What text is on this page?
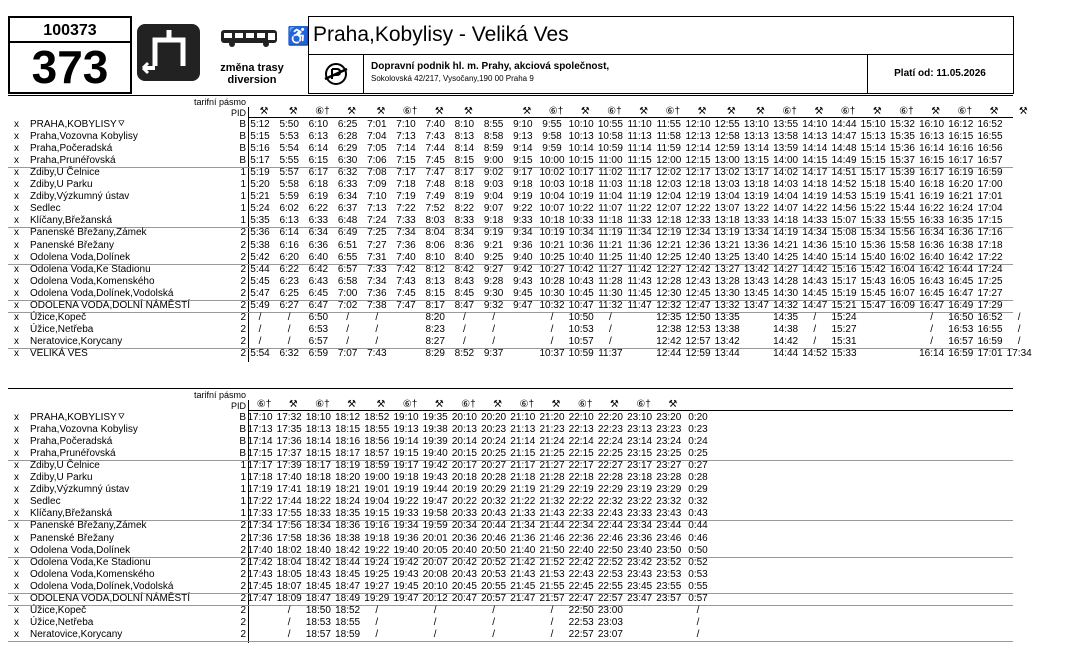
100373
373
♿
změna trasy
diversion
Praha,Kobylisy - Veliká Ves
Dopravní podnik hl. m. Prahy, akciová společnost,
Sokolovská 42/217, Vysočany,190 00 Praha 9	Platí od: 11.05.2026
tarifní pásmo
PID	⚒	⚒	⑥†	⚒	⚒	⑥†	⚒	⚒	⚒	⑥†	⚒	⑥†	⚒	⑥†	⚒	⚒	⚒	⑥†	⚒	⑥†	⚒	⑥†	⚒	⑥†	⚒	⚒
x PRAHA,KOBYLISY ⛛	B 5:12 5:50 6:10 6:25 7:01 7:10 7:40 8:10 8:55 9:10 9:55 10:10 10:55 11:10 11:55 12:10 12:55 13:10 13:55 14:10 14:44 15:10 15:32 16:10 16:12 16:52
x Praha,Vozovna Kobylisy	B 5:15 5:53 6:13 6:28 7:04 7:13 7:43 8:13 8:58 9:13 9:58 10:13 10:58 11:13 11:58 12:13 12:58 13:13 13:58 14:13 14:47 15:13 15:35 16:13 16:15 16:55
x Praha,Počeradská	B 5:16 5:54 6:14 6:29 7:05 7:14 7:44 8:14 8:59 9:14 9:59 10:14 10:59 11:14 11:59 12:14 12:59 13:14 13:59 14:14 14:48 15:14 15:36 16:14 16:16 16:56
x Praha,Prunéřovská	B 5:17 5:55 6:15 6:30 7:06 7:15 7:45 8:15 9:00 9:15 10:00 10:15 11:00 11:15 12:00 12:15 13:00 13:15 14:00 14:15 14:49 15:15 15:37 16:15 16:17 16:57
x Zdiby,U Čelnice	1 5:19 5:57 6:17 6:32 7:08 7:17 7:47 8:17 9:02 9:17 10:02 10:17 11:02 11:17 12:02 12:17 13:02 13:17 14:02 14:17 14:51 15:17 15:39 16:17 16:19 16:59
x Zdiby,U Parku	1 5:20 5:58 6:18 6:33 7:09 7:18 7:48 8:18 9:03 9:18 10:03 10:18 11:03 11:18 12:03 12:18 13:03 13:18 14:03 14:18 14:52 15:18 15:40 16:18 16:20 17:00
x Zdiby,Výzkumný ústav	1 5:21 5:59 6:19 6:34 7:10 7:19 7:49 8:19 9:04 9:19 10:04 10:19 11:04 11:19 12:04 12:19 13:04 13:19 14:04 14:19 14:53 15:19 15:41 16:19 16:21 17:01
x Sedlec	1 5:24 6:02 6:22 6:37 7:13 7:22 7:52 8:22 9:07 9:22 10:07 10:22 11:07 11:22 12:07 12:22 13:07 13:22 14:07 14:22 14:56 15:22 15:44 16:22 16:24 17:04
x Klíčany,Břežanská	1 5:35 6:13 6:33 6:48 7:24 7:33 8:03 8:33 9:18 9:33 10:18 10:33 11:18 11:33 12:18 12:33 13:18 13:33 14:18 14:33 15:07 15:33 15:55 16:33 16:35 17:15
x Panenské Břežany,Zámek	2 5:36 6:14 6:34 6:49 7:25 7:34 8:04 8:34 9:19 9:34 10:19 10:34 11:19 11:34 12:19 12:34 13:19 13:34 14:19 14:34 15:08 15:34 15:56 16:34 16:36 17:16
x Panenské Břežany	2 5:38 6:16 6:36 6:51 7:27 7:36 8:06 8:36 9:21 9:36 10:21 10:36 11:21 11:36 12:21 12:36 13:21 13:36 14:21 14:36 15:10 15:36 15:58 16:36 16:38 17:18
x Odolena Voda,Dolínek	2 5:42 6:20 6:40 6:55 7:31 7:40 8:10 8:40 9:25 9:40 10:25 10:40 11:25 11:40 12:25 12:40 13:25 13:40 14:25 14:40 15:14 15:40 16:02 16:40 16:42 17:22
x Odolena Voda,Ke Stadionu	2 5:44 6:22 6:42 6:57 7:33 7:42 8:12 8:42 9:27 9:42 10:27 10:42 11:27 11:42 12:27 12:42 13:27 13:42 14:27 14:42 15:16 15:42 16:04 16:42 16:44 17:24
x Odolena Voda,Komenského	2 5:45 6:23 6:43 6:58 7:34 7:43 8:13 8:43 9:28 9:43 10:28 10:43 11:28 11:43 12:28 12:43 13:28 13:43 14:28 14:43 15:17 15:43 16:05 16:43 16:45 17:25
x Odolena Voda,Dolínek,Vodolská	2 5:47 6:25 6:45 7:00 7:36 7:45 8:15 8:45 9:30 9:45 10:30 10:45 11:30 11:45 12:30 12:45 13:30 13:45 14:30 14:45 15:19 15:45 16:07 16:45 16:47 17:27
x ODOLENA VODA,DOLNÍ NÁMĚSTÍ	2 5:49 6:27 6:47 7:02 7:38 7:47 8:17 8:47 9:32 9:47 10:32 10:47 11:32 11:47 12:32 12:47 13:32 13:47 14:32 14:47 15:21 15:47 16:09 16:47 16:49 17:29
x Úžice,Kopeč	2	/	/	6:50	/	/	8:20	/	/	/	10:50	/	12:35 12:50 13:35	14:35	/	15:24	/	16:50 16:52	/
x Úžice,Netřeba	2	/	/	6:53	/	/	8:23	/	/	/	10:53	/	12:38 12:53 13:38	14:38	/	15:27	/	16:53 16:55	/
x Neratovice,Korycany	2	/	/	6:57	/	/	8:27	/	/	/	10:57	/	12:42 12:57 13:42	14:42	/	15:31	/	16:57 16:59	/
x VELIKÁ VES	2 5:54 6:32 6:59 7:07 7:43	8:29 8:52 9:37	10:37 10:59 11:37	12:44 12:59 13:44	14:44 14:52 15:33	16:14 16:59 17:01 17:34
tarifní pásmo
PID	⑥†	⚒	⑥†	⚒	⚒	⑥†	⚒	⑥†	⚒	⑥†	⚒	⑥†	⚒	⑥†	⚒
x PRAHA,KOBYLISY ⛛	B 17:10 17:32 18:10 18:12 18:52 19:10 19:35 20:10 20:20 21:10 21:20 22:10 22:20 23:10 23:20 0:20
x Praha,Vozovna Kobylisy	B 17:13 17:35 18:13 18:15 18:55 19:13 19:38 20:13 20:23 21:13 21:23 22:13 22:23 23:13 23:23 0:23
x Praha,Počeradská	B 17:14 17:36 18:14 18:16 18:56 19:14 19:39 20:14 20:24 21:14 21:24 22:14 22:24 23:14 23:24 0:24
x Praha,Prunéřovská	B 17:15 17:37 18:15 18:17 18:57 19:15 19:40 20:15 20:25 21:15 21:25 22:15 22:25 23:15 23:25 0:25
x Zdiby,U Čelnice	1 17:17 17:39 18:17 18:19 18:59 19:17 19:42 20:17 20:27 21:17 21:27 22:17 22:27 23:17 23:27 0:27
x Zdiby,U Parku	1 17:18 17:40 18:18 18:20 19:00 19:18 19:43 20:18 20:28 21:18 21:28 22:18 22:28 23:18 23:28 0:28
x Zdiby,Výzkumný ústav	1 17:19 17:41 18:19 18:21 19:01 19:19 19:44 20:19 20:29 21:19 21:29 22:19 22:29 23:19 23:29 0:29
x Sedlec	1 17:22 17:44 18:22 18:24 19:04 19:22 19:47 20:22 20:32 21:22 21:32 22:22 22:32 23:22 23:32 0:32
x Klíčany,Břežanská	1 17:33 17:55 18:33 18:35 19:15 19:33 19:58 20:33 20:43 21:33 21:43 22:33 22:43 23:33 23:43 0:43
x Panenské Břežany,Zámek	2 17:34 17:56 18:34 18:36 19:16 19:34 19:59 20:34 20:44 21:34 21:44 22:34 22:44 23:34 23:44 0:44
x Panenské Břežany	2 17:36 17:58 18:36 18:38 19:18 19:36 20:01 20:36 20:46 21:36 21:46 22:36 22:46 23:36 23:46 0:46
x Odolena Voda,Dolínek	2 17:40 18:02 18:40 18:42 19:22 19:40 20:05 20:40 20:50 21:40 21:50 22:40 22:50 23:40 23:50 0:50
x Odolena Voda,Ke Stadionu	2 17:42 18:04 18:42 18:44 19:24 19:42 20:07 20:42 20:52 21:42 21:52 22:42 22:52 23:42 23:52 0:52
x Odolena Voda,Komenského	2 17:43 18:05 18:43 18:45 19:25 19:43 20:08 20:43 20:53 21:43 21:53 22:43 22:53 23:43 23:53 0:53
x Odolena Voda,Dolínek,Vodolská	2 17:45 18:07 18:45 18:47 19:27 19:45 20:10 20:45 20:55 21:45 21:55 22:45 22:55 23:45 23:55 0:55
x ODOLENA VODA,DOLNÍ NÁMĚSTÍ	2 17:47 18:09 18:47 18:49 19:29 19:47 20:12 20:47 20:57 21:47 21:57 22:47 22:57 23:47 23:57 0:57
x Úžice,Kopeč	2	/	18:50 18:52	/	/	/	/	22:50 23:00	/
x Úžice,Netřeba	2	/	18:53 18:55	/	/	/	/	22:53 23:03	/
x Neratovice,Korycany	2	/	18:57 18:59	/	/	/	/	22:57 23:07	/
